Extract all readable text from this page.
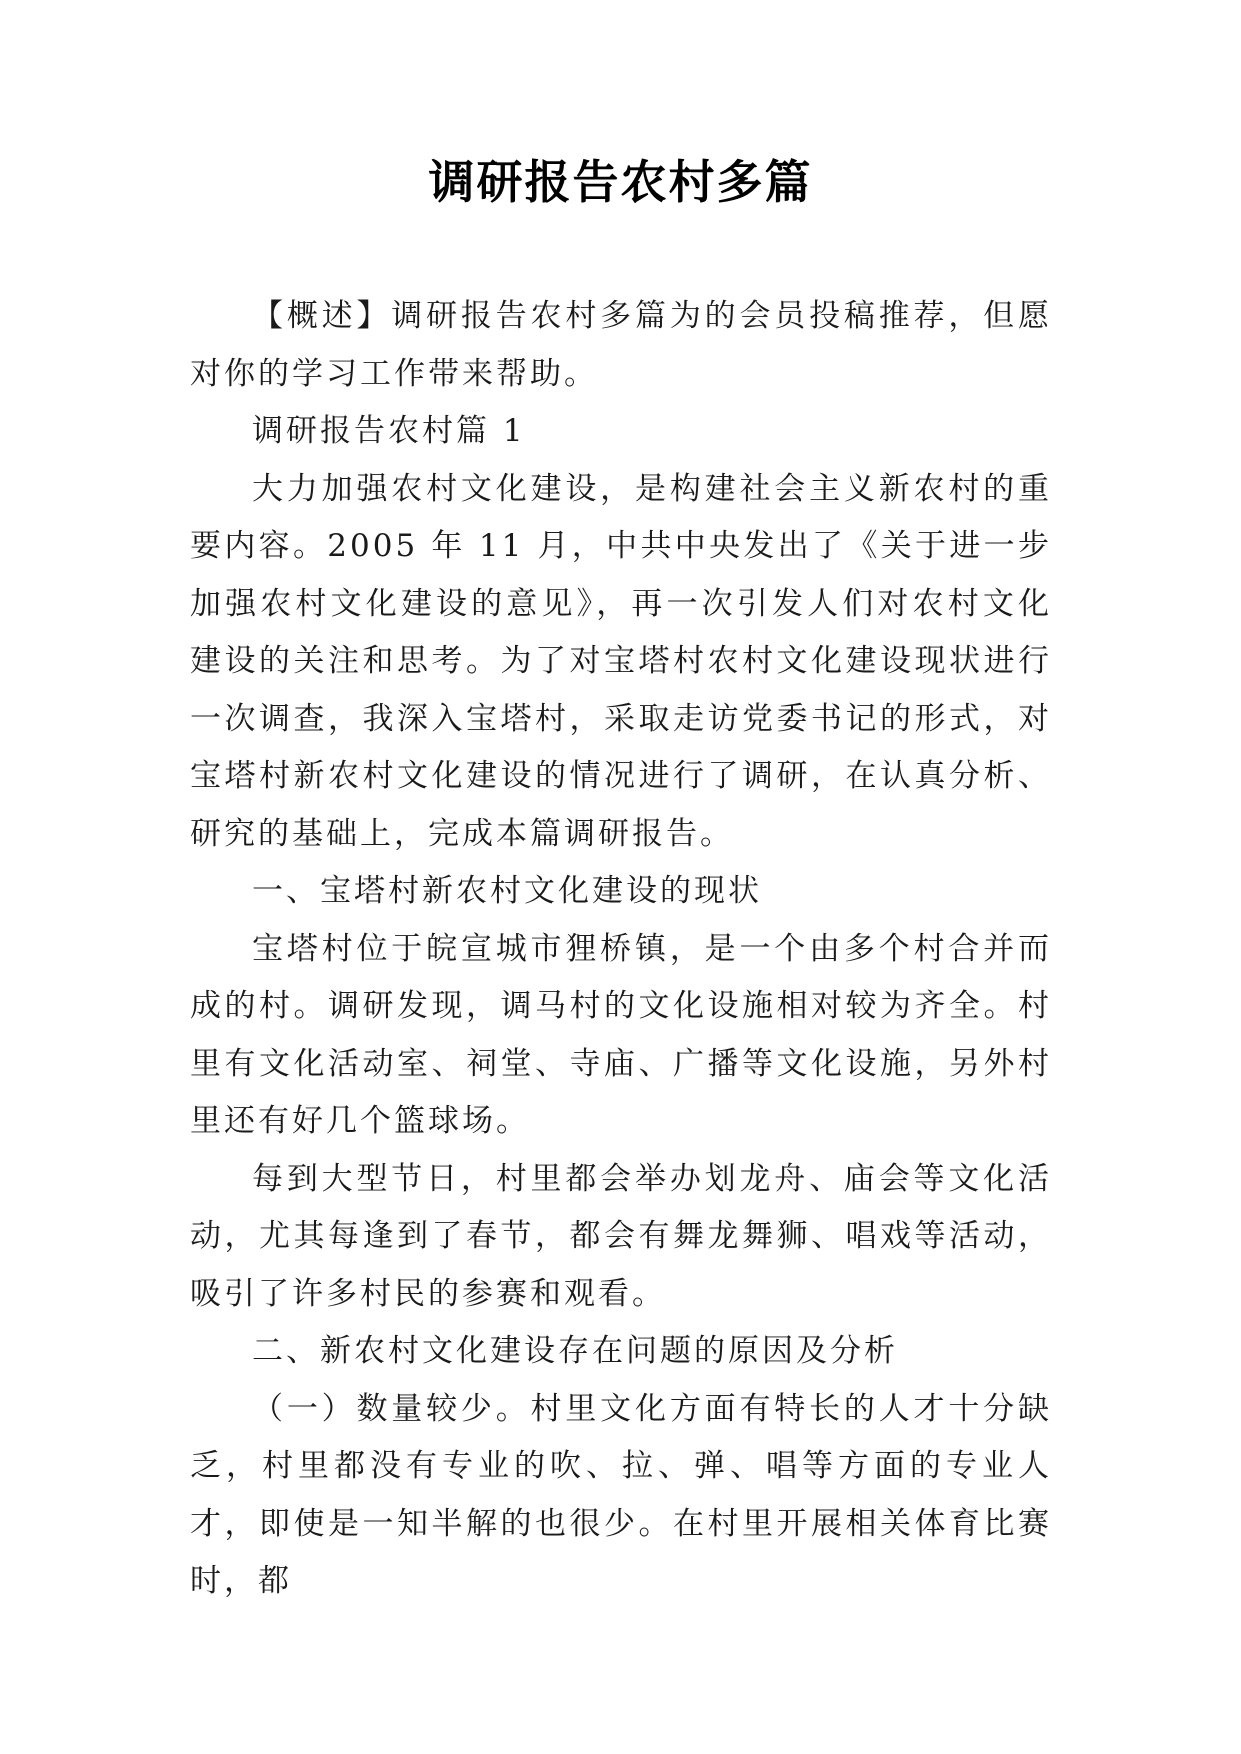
调研报告农村多篇

【概述】调研报告农村多篇为的会员投稿推荐，但愿对你的学习工作带来帮助。

调研报告农村篇 1

大力加强农村文化建设，是构建社会主义新农村的重要内容。2005 年 11 月，中共中央发出了《关于进一步加强农村文化建设的意见》，再一次引发人们对农村文化建设的关注和思考。为了对宝塔村农村文化建设现状进行一次调查，我深入宝塔村，采取走访党委书记的形式，对宝塔村新农村文化建设的情况进行了调研，在认真分析、研究的基础上，完成本篇调研报告。

一、宝塔村新农村文化建设的现状

宝塔村位于皖宣城市狸桥镇，是一个由多个村合并而成的村。调研发现，调马村的文化设施相对较为齐全。村里有文化活动室、祠堂、寺庙、广播等文化设施，另外村里还有好几个篮球场。

每到大型节日，村里都会举办划龙舟、庙会等文化活动，尤其每逢到了春节，都会有舞龙舞狮、唱戏等活动，吸引了许多村民的参赛和观看。

二、新农村文化建设存在问题的原因及分析

（一）数量较少。村里文化方面有特长的人才十分缺乏，村里都没有专业的吹、拉、弹、唱等方面的专业人才，即使是一知半解的也很少。在村里开展相关体育比赛时，都
